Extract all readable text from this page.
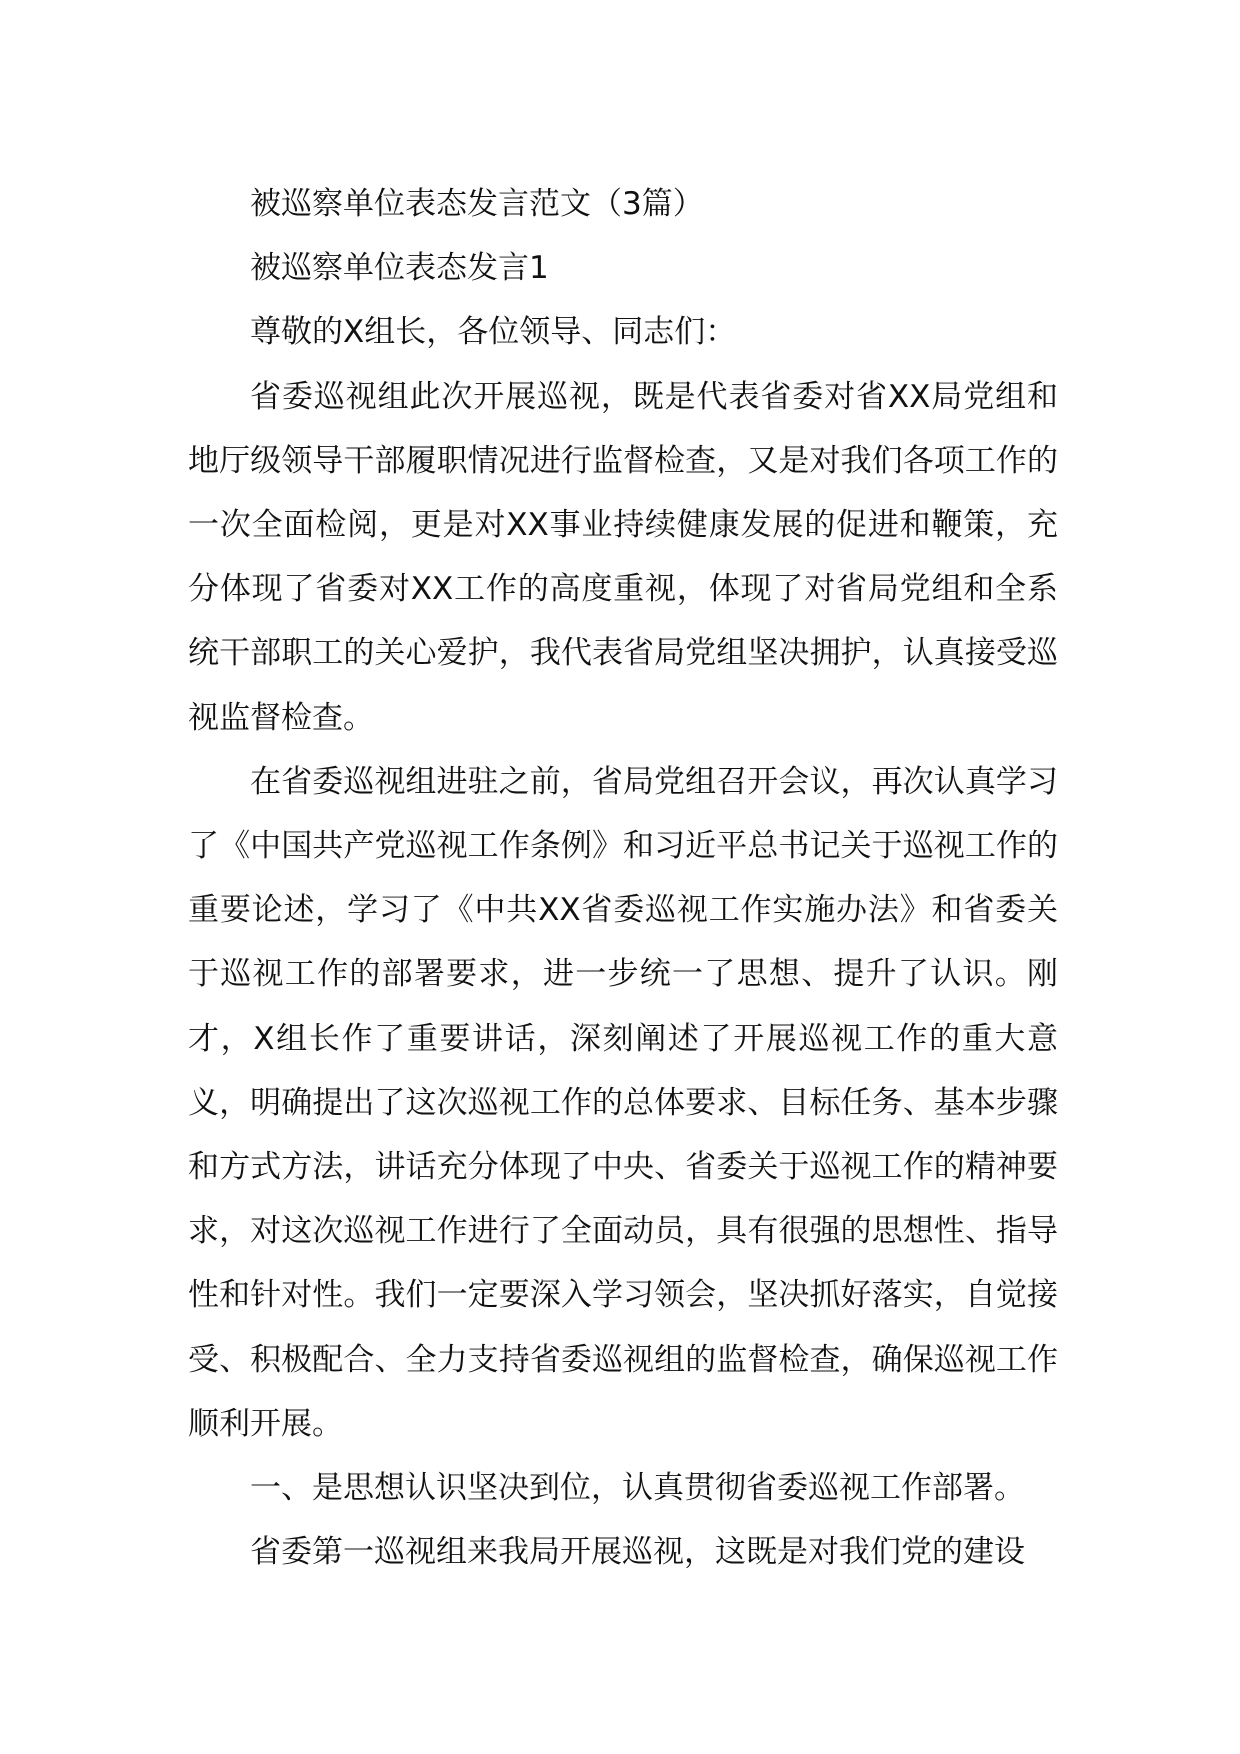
被巡察单位表态发言范文（3篇）

被巡察单位表态发言1

尊敬的X组长，各位领导、同志们：

省委巡视组此次开展巡视，既是代表省委对省XX局党组和地厅级领导干部履职情况进行监督检查，又是对我们各项工作的一次全面检阅，更是对XX事业持续健康发展的促进和鞭策，充分体现了省委对XX工作的高度重视，体现了对省局党组和全系统干部职工的关心爱护，我代表省局党组坚决拥护，认真接受巡视监督检查。

在省委巡视组进驻之前，省局党组召开会议，再次认真学习了《中国共产党巡视工作条例》和习近平总书记关于巡视工作的重要论述，学习了《中共XX省委巡视工作实施办法》和省委关于巡视工作的部署要求，进一步统一了思想、提升了认识。刚才，X组长作了重要讲话，深刻阐述了开展巡视工作的重大意义，明确提出了这次巡视工作的总体要求、目标任务、基本步骤和方式方法，讲话充分体现了中央、省委关于巡视工作的精神要求，对这次巡视工作进行了全面动员，具有很强的思想性、指导性和针对性。我们一定要深入学习领会，坚决抓好落实，自觉接受、积极配合、全力支持省委巡视组的监督检查，确保巡视工作顺利开展。

一、是思想认识坚决到位，认真贯彻省委巡视工作部署。

省委第一巡视组来我局开展巡视，这既是对我们党的建设
